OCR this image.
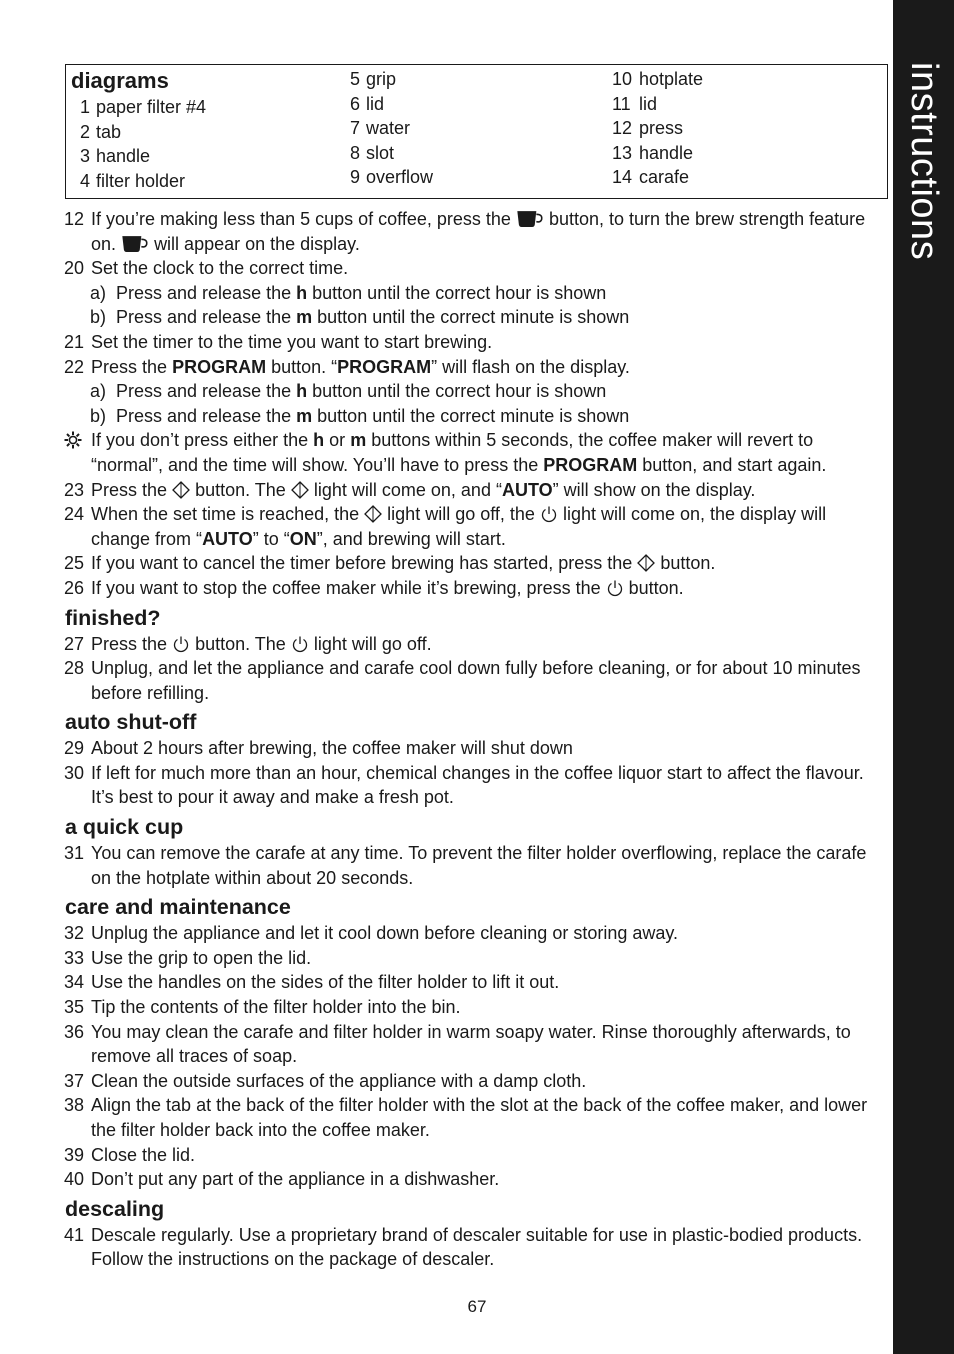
instructions
diagrams
1 paper filter #4
2 tab
3 handle
4 filter holder
5 grip
6 lid
7 water
8 slot
9 overflow
10 hotplate
11 lid
12 press
13 handle
14 carafe
12 If you’re making less than 5 cups of coffee, press the button, to turn the brew strength feature on. will appear on the display.
20 Set the clock to the correct time.
a) Press and release the h button until the correct hour is shown
b) Press and release the m button until the correct minute is shown
21 Set the timer to the time you want to start brewing.
22 Press the PROGRAM button. “PROGRAM” will flash on the display.
a) Press and release the h button until the correct hour is shown
b) Press and release the m button until the correct minute is shown
If you don’t press either the h or m buttons within 5 seconds, the coffee maker will revert to “normal”, and the time will show. You’ll have to press the PROGRAM button, and start again.
23 Press the button. The light will come on, and “AUTO” will show on the display.
24 When the set time is reached, the light will go off, the light will come on, the display will change from “AUTO” to “ON”, and brewing will start.
25 If you want to cancel the timer before brewing has started, press the button.
26 If you want to stop the coffee maker while it’s brewing, press the button.
finished?
27 Press the button. The light will go off.
28 Unplug, and let the appliance and carafe cool down fully before cleaning, or for about 10 minutes before refilling.
auto shut-off
29 About 2 hours after brewing, the coffee maker will shut down
30 If left for much more than an hour, chemical changes in the coffee liquor start to affect the flavour. It’s best to pour it away and make a fresh pot.
a quick cup
31 You can remove the carafe at any time. To prevent the filter holder overflowing, replace the carafe on the hotplate within about 20 seconds.
care and maintenance
32 Unplug the appliance and let it cool down before cleaning or storing away.
33 Use the grip to open the lid.
34 Use the handles on the sides of the filter holder to lift it out.
35 Tip the contents of the filter holder into the bin.
36 You may clean the carafe and filter holder in warm soapy water. Rinse thoroughly afterwards, to remove all traces of soap.
37 Clean the outside surfaces of the appliance with a damp cloth.
38 Align the tab at the back of the filter holder with the slot at the back of the coffee maker, and lower the filter holder back into the coffee maker.
39 Close the lid.
40 Don’t put any part of the appliance in a dishwasher.
descaling
41 Descale regularly. Use a proprietary brand of descaler suitable for use in plastic-bodied products. Follow the instructions on the package of descaler.
67
